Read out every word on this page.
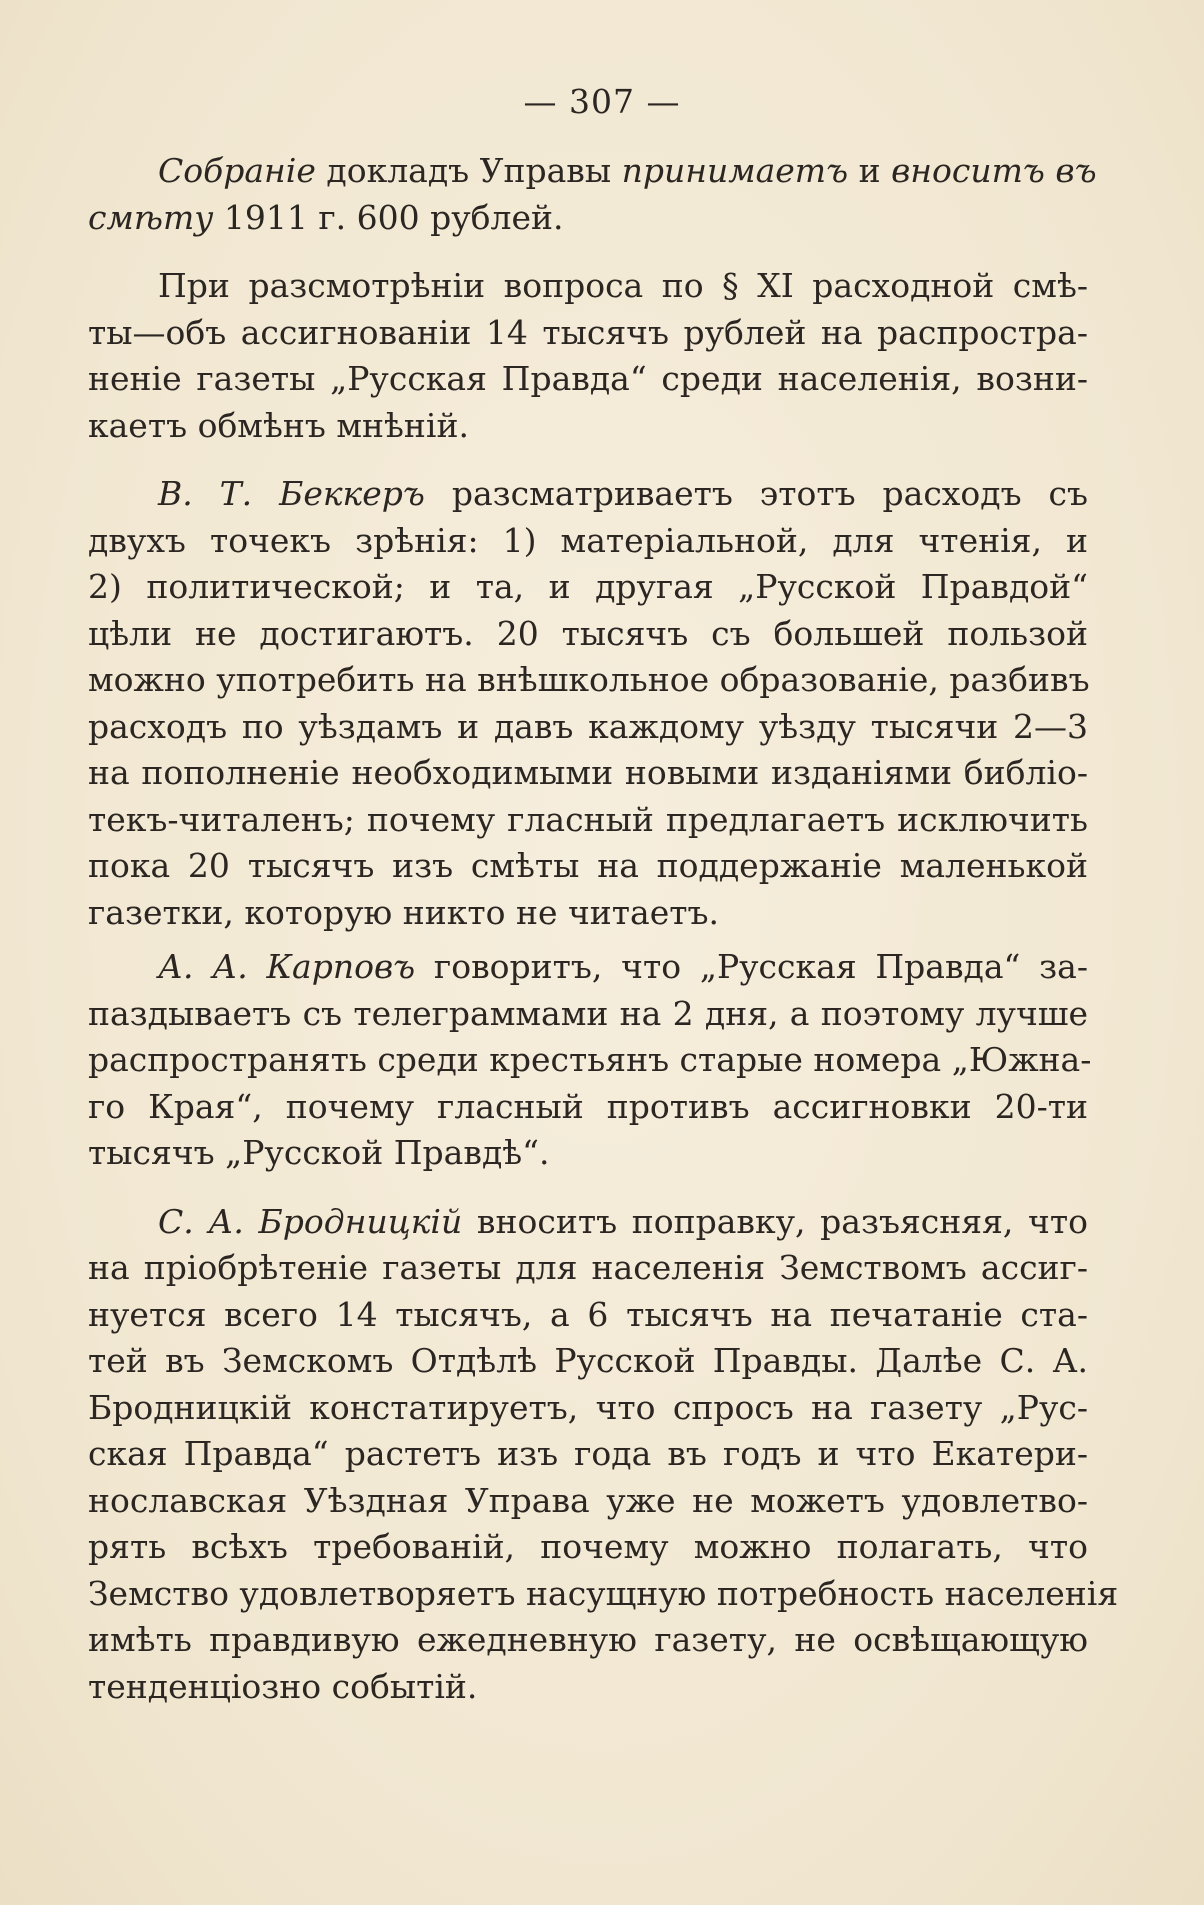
— 307 —
Собраніе докладъ Управы принимаетъ и вноситъ въ
смѣту 1911 г. 600 рублей.
При разсмотрѣніи вопроса по § XI расходной смѣ-
ты—объ ассигнованіи 14 тысячъ рублей на распростра-
неніе газеты „Русская Правда“ среди населенія, возни-
каетъ обмѣнъ мнѣній.
В. Т. Беккеръ разсматриваетъ этотъ расходъ съ
двухъ точекъ зрѣнія: 1) матеріальной, для чтенія, и
2) политической; и та, и другая „Русской Правдой“
цѣли не достигаютъ. 20 тысячъ съ большей пользой
можно употребить на внѣшкольное образованіе, разбивъ
расходъ по уѣздамъ и давъ каждому уѣзду тысячи 2—3
на пополненіе необходимыми новыми изданіями библіо-
текъ-читаленъ; почему гласный предлагаетъ исключить
пока 20 тысячъ изъ смѣты на поддержаніе маленькой
газетки, которую никто не читаетъ.
А. А. Карповъ говоритъ, что „Русская Правда“ за-
паздываетъ съ телеграммами на 2 дня, а поэтому лучше
распространять среди крестьянъ старые номера „Южна-
го Края“, почему гласный противъ ассигновки 20-ти
тысячъ „Русской Правдѣ“.
С. А. Бродницкій вноситъ поправку, разъясняя, что
на пріобрѣтеніе газеты для населенія Земствомъ ассиг-
нуется всего 14 тысячъ, а 6 тысячъ на печатаніе ста-
тей въ Земскомъ Отдѣлѣ Русской Правды. Далѣе С. А.
Бродницкій констатируетъ, что спросъ на газету „Рус-
ская Правда“ растетъ изъ года въ годъ и что Екатери-
нославская Уѣздная Управа уже не можетъ удовлетво-
рять всѣхъ требованій, почему можно полагать, что
Земство удовлетворяетъ насущную потребность населенія
имѣть правдивую ежедневную газету, не освѣщающую
тенденціозно событій.
